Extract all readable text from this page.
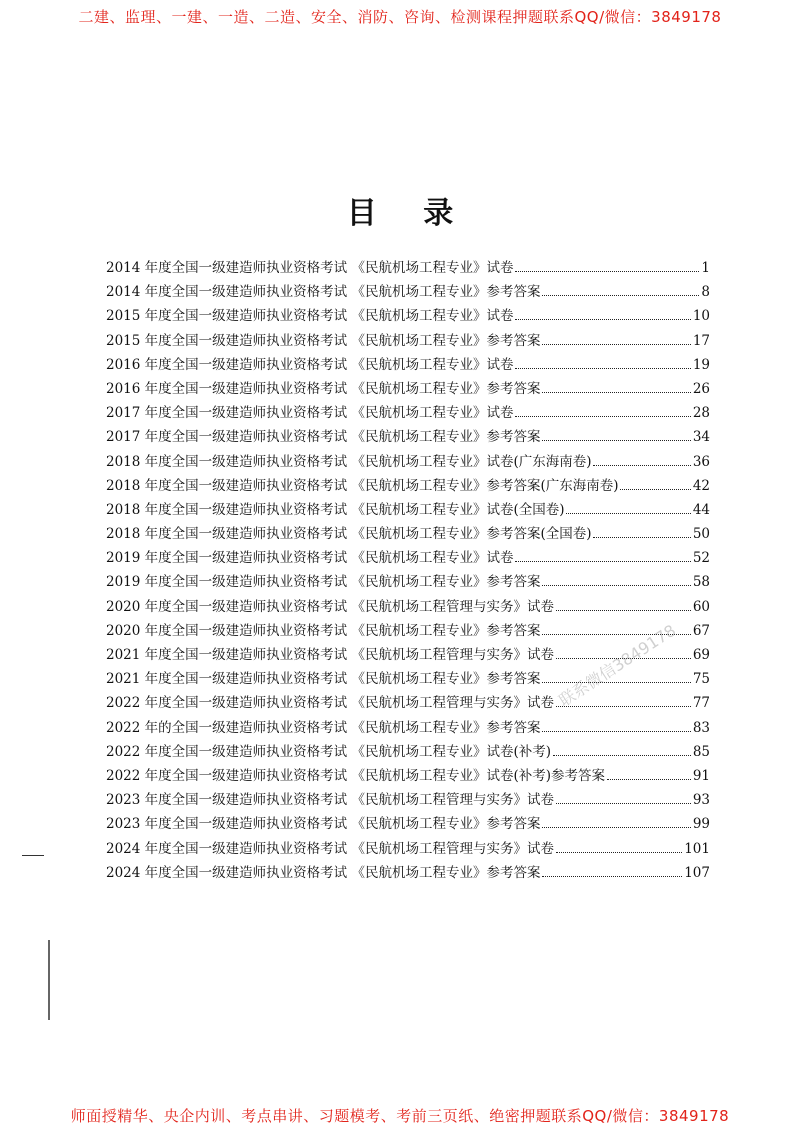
二建、监理、一建、一造、二造、安全、消防、咨询、检测课程押题联系QQ/微信：3849178
目 录
2014 年度全国一级建造师执业资格考试 《民航机场工程专业》试卷	1
2014 年度全国一级建造师执业资格考试 《民航机场工程专业》参考答案	8
2015 年度全国一级建造师执业资格考试 《民航机场工程专业》试卷	10
2015 年度全国一级建造师执业资格考试 《民航机场工程专业》参考答案	17
2016 年度全国一级建造师执业资格考试 《民航机场工程专业》试卷	19
2016 年度全国一级建造师执业资格考试 《民航机场工程专业》参考答案	26
2017 年度全国一级建造师执业资格考试 《民航机场工程专业》试卷	28
2017 年度全国一级建造师执业资格考试 《民航机场工程专业》参考答案	34
2018 年度全国一级建造师执业资格考试 《民航机场工程专业》试卷(广东海南卷)	36
2018 年度全国一级建造师执业资格考试 《民航机场工程专业》参考答案(广东海南卷)	42
2018 年度全国一级建造师执业资格考试 《民航机场工程专业》试卷(全国卷)	44
2018 年度全国一级建造师执业资格考试 《民航机场工程专业》参考答案(全国卷)	50
2019 年度全国一级建造师执业资格考试 《民航机场工程专业》试卷	52
2019 年度全国一级建造师执业资格考试 《民航机场工程专业》参考答案	58
2020 年度全国一级建造师执业资格考试 《民航机场工程管理与实务》试卷	60
2020 年度全国一级建造师执业资格考试 《民航机场工程专业》参考答案	67
2021 年度全国一级建造师执业资格考试 《民航机场工程管理与实务》试卷	69
2021 年度全国一级建造师执业资格考试 《民航机场工程专业》参考答案	75
2022 年度全国一级建造师执业资格考试 《民航机场工程管理与实务》试卷	77
2022 年的全国一级建造师执业资格考试 《民航机场工程专业》参考答案	83
2022 年度全国一级建造师执业资格考试 《民航机场工程专业》试卷(补考)	85
2022 年度全国一级建造师执业资格考试 《民航机场工程专业》试卷(补考)参考答案	91
2023 年度全国一级建造师执业资格考试 《民航机场工程管理与实务》试卷	93
2023 年度全国一级建造师执业资格考试 《民航机场工程专业》参考答案	99
2024 年度全国一级建造师执业资格考试 《民航机场工程管理与实务》试卷	101
2024 年度全国一级建造师执业资格考试 《民航机场工程专业》参考答案	107
联系微信3849178
师面授精华、央企内训、考点串讲、习题模考、考前三页纸、绝密押题联系QQ/微信：3849178
